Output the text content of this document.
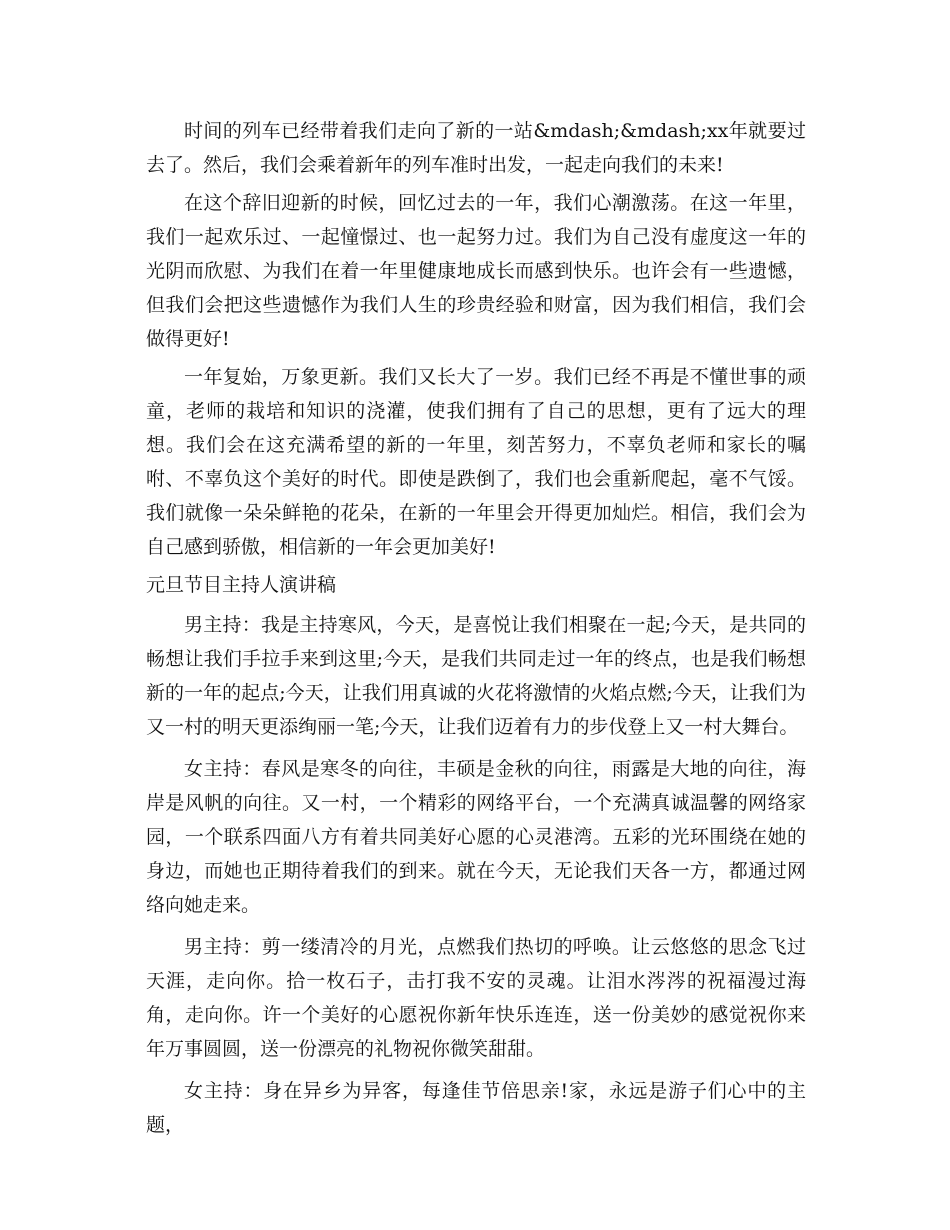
时间的列车已经带着我们走向了新的一站&mdash;&mdash;xx年就要过去了。然后，我们会乘着新年的列车准时出发，一起走向我们的未来!

在这个辞旧迎新的时候，回忆过去的一年，我们心潮激荡。在这一年里，我们一起欢乐过、一起憧憬过、也一起努力过。我们为自己没有虚度这一年的光阴而欣慰、为我们在着一年里健康地成长而感到快乐。也许会有一些遗憾，但我们会把这些遗憾作为我们人生的珍贵经验和财富，因为我们相信，我们会做得更好!

一年复始，万象更新。我们又长大了一岁。我们已经不再是不懂世事的顽童，老师的栽培和知识的浇灌，使我们拥有了自己的思想，更有了远大的理想。我们会在这充满希望的新的一年里，刻苦努力，不辜负老师和家长的嘱咐、不辜负这个美好的时代。即使是跌倒了，我们也会重新爬起，毫不气馁。我们就像一朵朵鲜艳的花朵，在新的一年里会开得更加灿烂。相信，我们会为自己感到骄傲，相信新的一年会更加美好!

元旦节目主持人演讲稿

男主持：我是主持寒风，今天，是喜悦让我们相聚在一起;今天，是共同的畅想让我们手拉手来到这里;今天，是我们共同走过一年的终点，也是我们畅想新的一年的起点;今天，让我们用真诚的火花将激情的火焰点燃;今天，让我们为又一村的明天更添绚丽一笔;今天，让我们迈着有力的步伐登上又一村大舞台。

女主持：春风是寒冬的向往，丰硕是金秋的向往，雨露是大地的向往，海岸是风帆的向往。又一村，一个精彩的网络平台，一个充满真诚温馨的网络家园，一个联系四面八方有着共同美好心愿的心灵港湾。五彩的光环围绕在她的身边，而她也正期待着我们的到来。就在今天，无论我们天各一方，都通过网络向她走来。

男主持：剪一缕清冷的月光，点燃我们热切的呼唤。让云悠悠的思念飞过天涯，走向你。拾一枚石子，击打我不安的灵魂。让泪水涔涔的祝福漫过海角，走向你。许一个美好的心愿祝你新年快乐连连，送一份美妙的感觉祝你来年万事圆圆，送一份漂亮的礼物祝你微笑甜甜。

女主持：身在异乡为异客，每逢佳节倍思亲!家，永远是游子们心中的主题，
